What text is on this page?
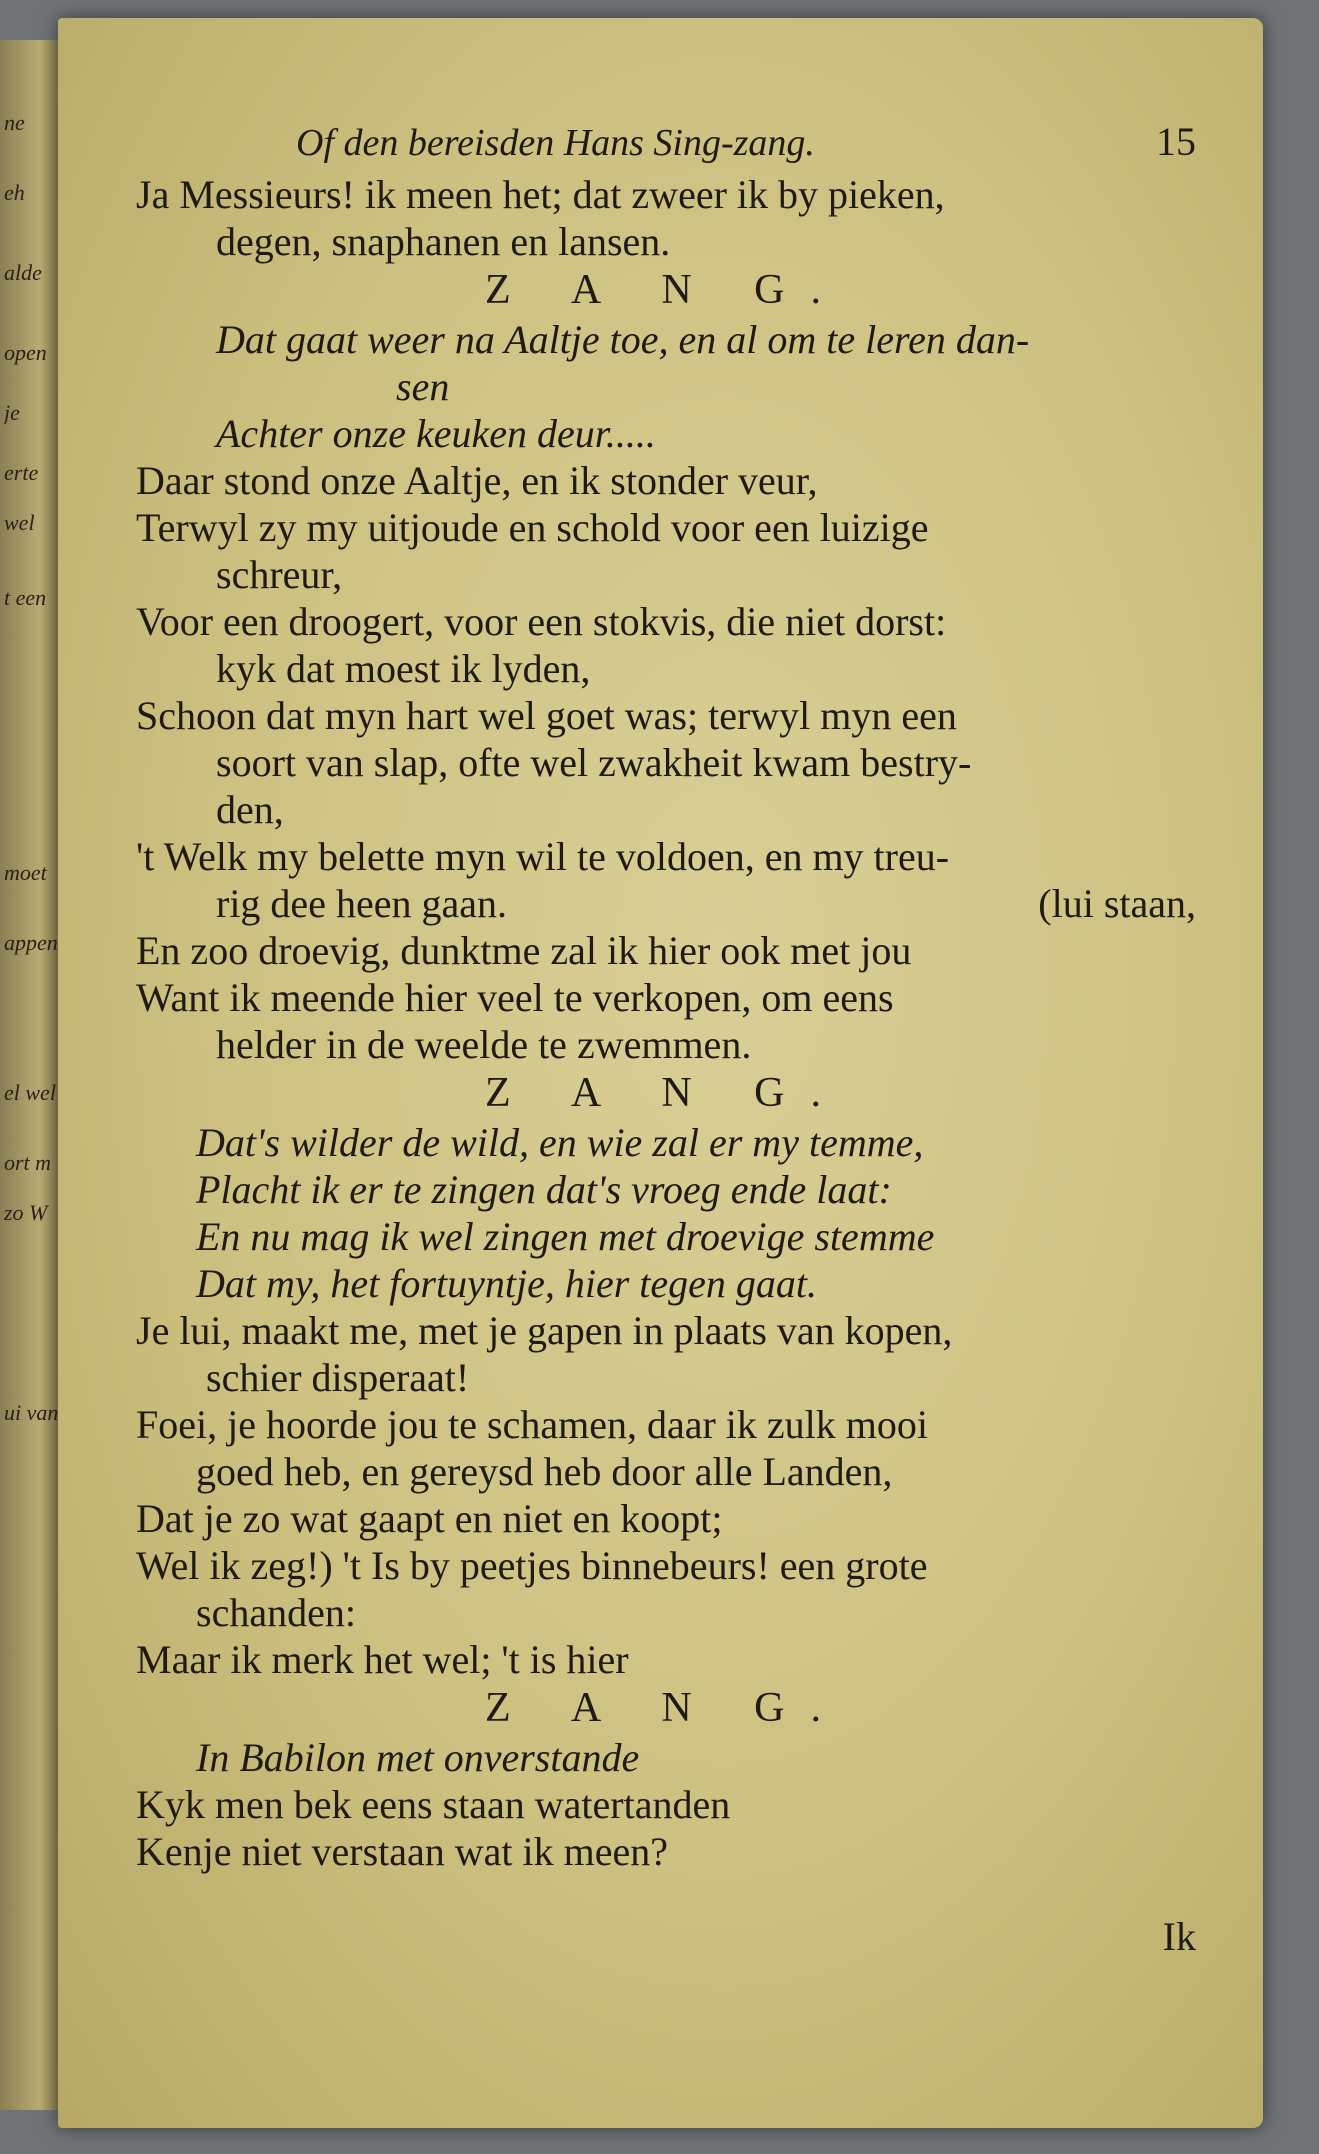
ne
eh
alde
open
je
erte
wel
t een
moet
appen
el wel
ort m
zo W
ui van
Of den bereisden Hans Sing-zang.	15
Ja Messieurs! ik meen het; dat zweer ik by pieken,
degen, snaphanen en lansen.
Z A N G.
Dat gaat weer na Aaltje toe, en al om te leren dan-
sen
Achter onze keuken deur.....
Daar stond onze Aaltje, en ik stonder veur,
Terwyl zy my uitjoude en schold voor een luizige
schreur,
Voor een droogert, voor een stokvis, die niet dorst:
kyk dat moest ik lyden,
Schoon dat myn hart wel goet was; terwyl myn een
soort van slap, ofte wel zwakheit kwam bestry-
den,
't Welk my belette myn wil te voldoen, en my treu-
rig dee heen gaan.	(lui staan,
En zoo droevig, dunktme zal ik hier ook met jou
Want ik meende hier veel te verkopen, om eens
helder in de weelde te zwemmen.
Z A N G.
Dat's wilder de wild, en wie zal er my temme,
Placht ik er te zingen dat's vroeg ende laat:
En nu mag ik wel zingen met droevige stemme
Dat my, het fortuyntje, hier tegen gaat.
Je lui, maakt me, met je gapen in plaats van kopen,
schier disperaat!
Foei, je hoorde jou te schamen, daar ik zulk mooi
goed heb, en gereysd heb door alle Landen,
Dat je zo wat gaapt en niet en koopt;
Wel ik zeg!) 't Is by peetjes binnebeurs! een grote
schanden:
Maar ik merk het wel; 't is hier
Z A N G.
In Babilon met onverstande
Kyk men bek eens staan watertanden
Kenje niet verstaan wat ik meen?
Ik
